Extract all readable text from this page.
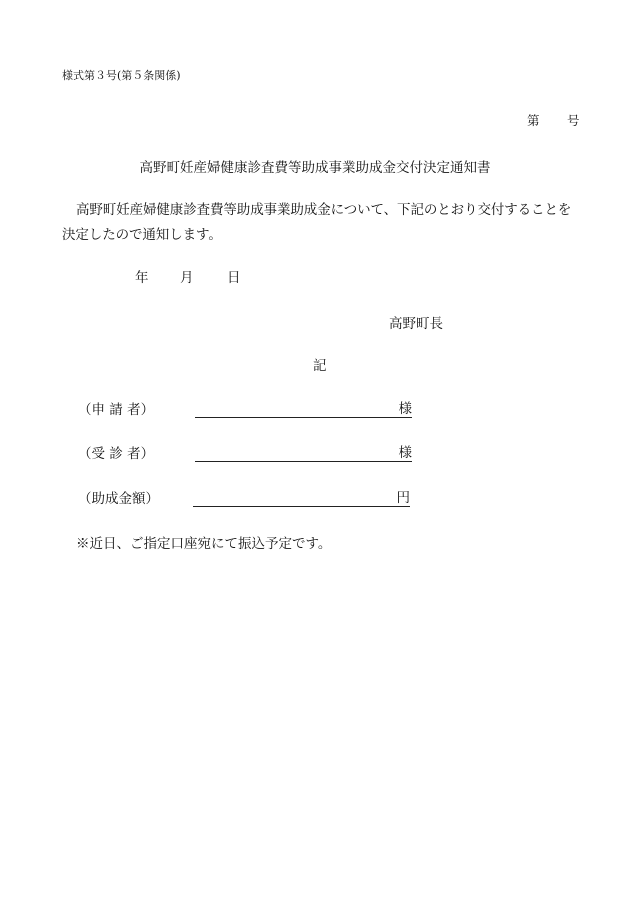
様式第３号(第５条関係)
第	号
高野町妊産婦健康診査費等助成事業助成金交付決定通知書
高野町妊産婦健康診査費等助成事業助成金について、下記のとおり交付することを決定したので通知します。
年	月	日
高野町長
記
（申 請 者）	様
（受 診 者）	様
（助成金額）	円
※近日、ご指定口座宛にて振込予定です。
